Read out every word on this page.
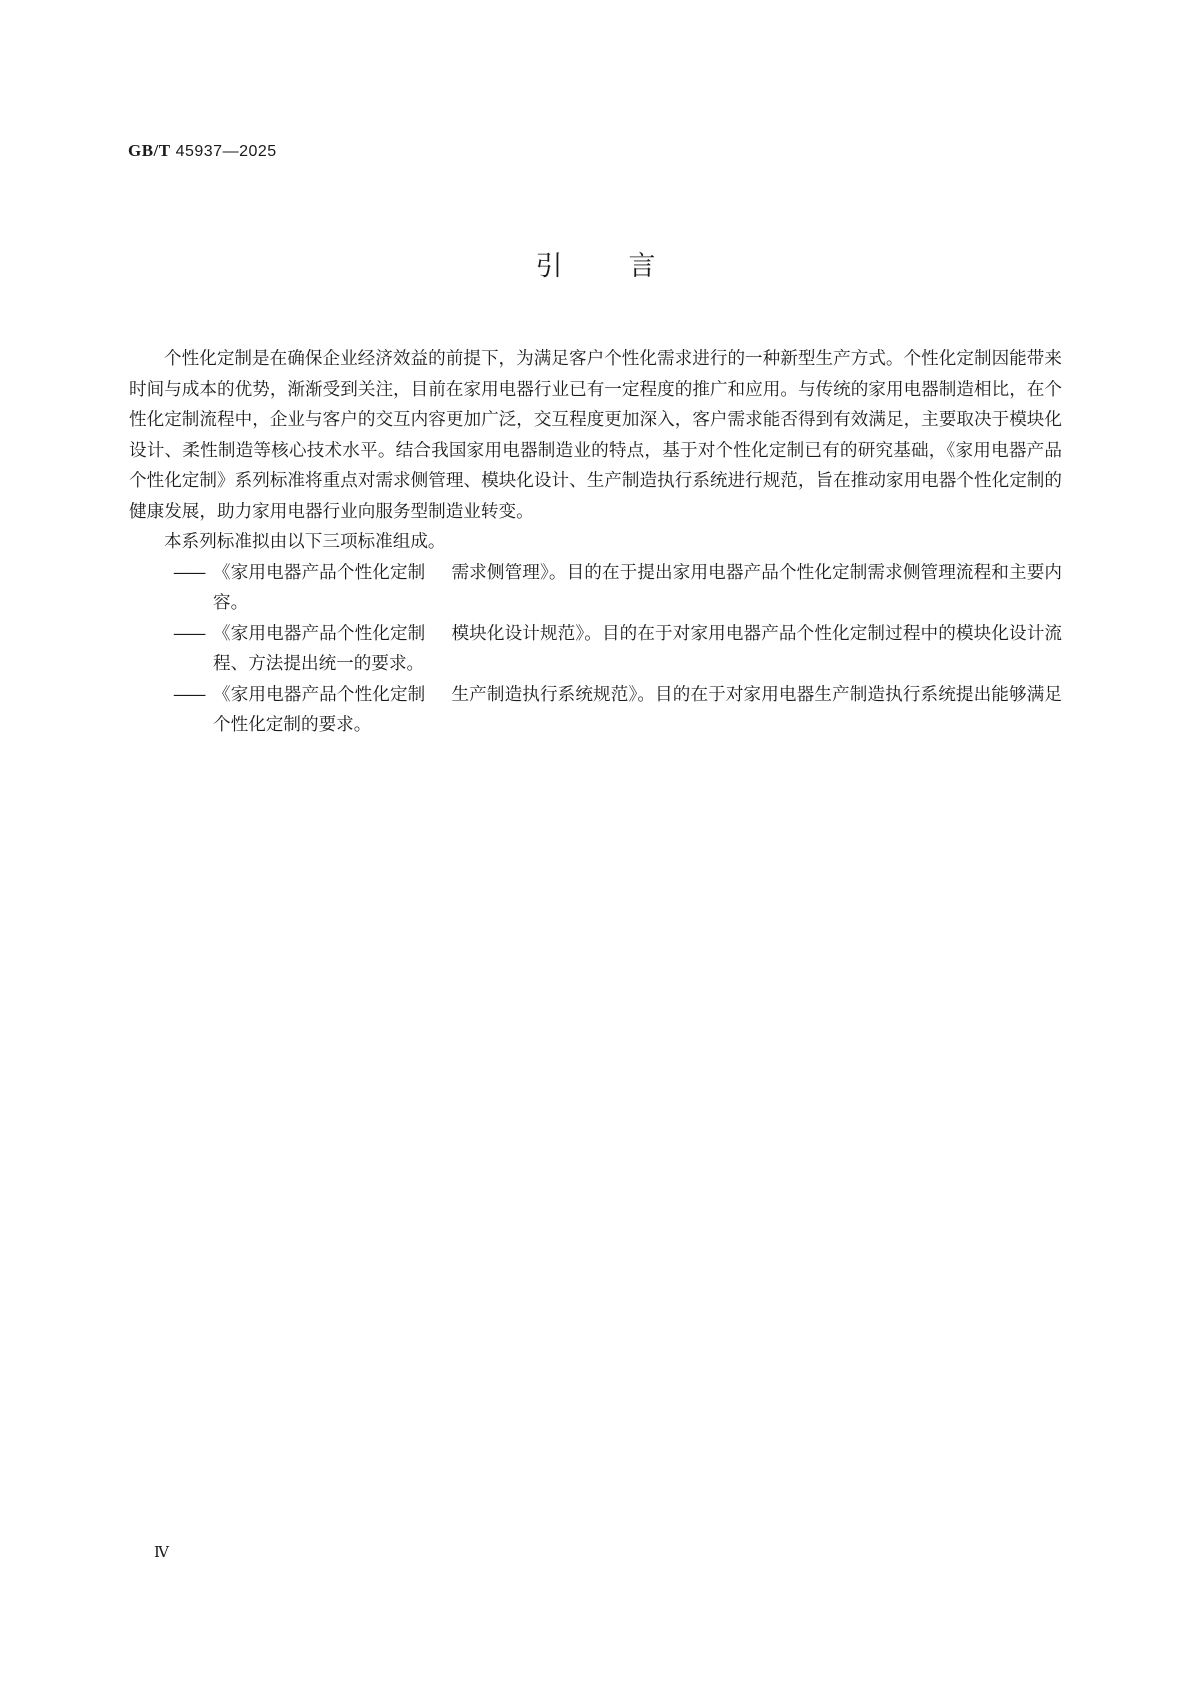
GB/T 45937—2025
引言

个性化定制是在确保企业经济效益的前提下，为满足客户个性化需求进行的一种新型生产方式。个性化定制因能带来时间与成本的优势，渐渐受到关注，目前在家用电器行业已有一定程度的推广和应用。与传统的家用电器制造相比，在个性化定制流程中，企业与客户的交互内容更加广泛，交互程度更加深入，客户需求能否得到有效满足，主要取决于模块化设计、柔性制造等核心技术水平。结合我国家用电器制造业的特点，基于对个性化定制已有的研究基础，《家用电器产品个性化定制》系列标准将重点对需求侧管理、模块化设计、生产制造执行系统进行规范，旨在推动家用电器个性化定制的健康发展，助力家用电器行业向服务型制造业转变。

本系列标准拟由以下三项标准组成。

—— 《家用电器产品个性化定制 需求侧管理》。目的在于提出家用电器产品个性化定制需求侧管理流程和主要内容。
—— 《家用电器产品个性化定制 模块化设计规范》。目的在于对家用电器产品个性化定制过程中的模块化设计流程、方法提出统一的要求。
—— 《家用电器产品个性化定制 生产制造执行系统规范》。目的在于对家用电器生产制造执行系统提出能够满足个性化定制的要求。
Ⅳ
